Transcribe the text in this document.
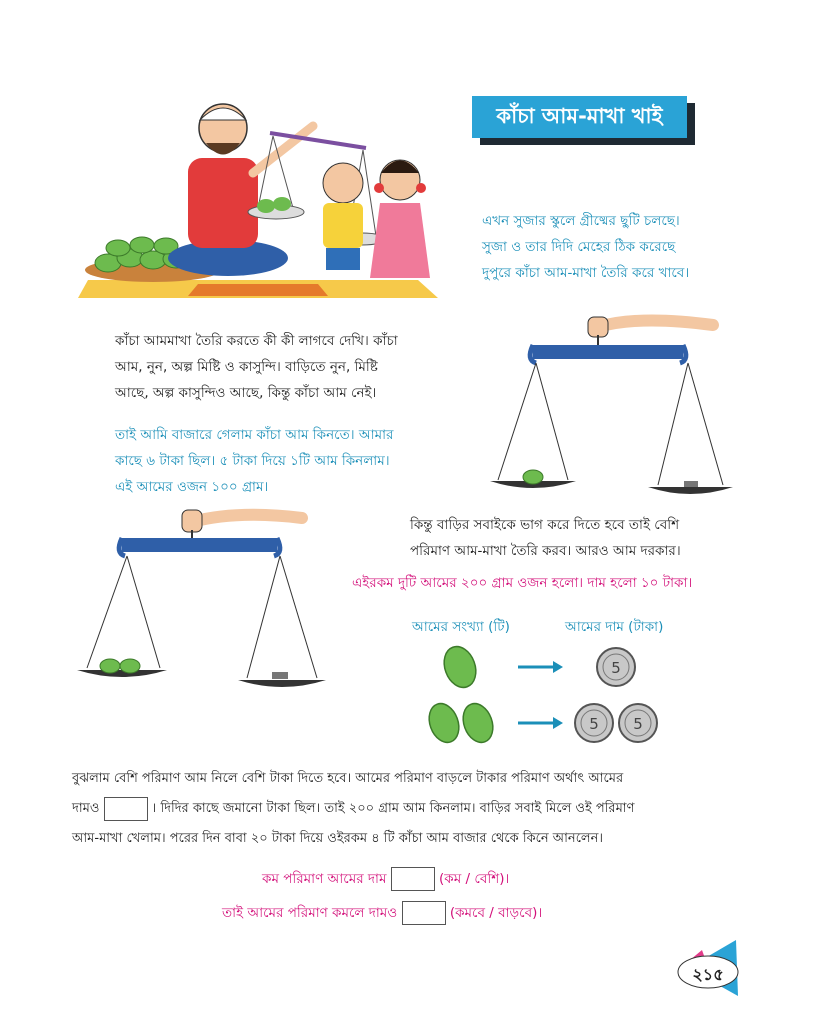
কাঁচা আম-মাখা খাই
এখন সুজার স্কুলে গ্রীষ্মের ছুটি চলছে।
সুজা ও তার দিদি মেহের ঠিক করেছে
দুপুরে কাঁচা আম-মাখা তৈরি করে খাবে।
কাঁচা আমমাখা তৈরি করতে কী কী লাগবে দেখি। কাঁচা
আম, নুন, অল্প মিষ্টি ও কাসুন্দি। বাড়িতে নুন, মিষ্টি
আছে, অল্প কাসুন্দিও আছে, কিন্তু কাঁচা আম নেই।
তাই আমি বাজারে গেলাম কাঁচা আম কিনতে। আমার
কাছে ৬ টাকা ছিল। ৫ টাকা দিয়ে ১টি আম কিনলাম।
এই আমের ওজন ১০০ গ্রাম।
কিন্তু বাড়ির সবাইকে ভাগ করে দিতে হবে তাই বেশি
পরিমাণ আম-মাখা তৈরি করব। আরও আম দরকার।
এইরকম দুটি আমের ২০০ গ্রাম ওজন হলো। দাম হলো ১০ টাকা।
আমের সংখ্যা (টি)	আমের দাম (টাকা)
5
5 5
বুঝলাম বেশি পরিমাণ আম নিলে বেশি টাকা দিতে হবে। আমের পরিমাণ বাড়লে টাকার পরিমাণ অর্থাৎ আমের
দামও	। দিদির কাছে জমানো টাকা ছিল। তাই ২০০ গ্রাম আম কিনলাম। বাড়ির সবাই মিলে ওই পরিমাণ
আম-মাখা খেলাম। পরের দিন বাবা ২০ টাকা দিয়ে ওইরকম ৪ টি কাঁচা আম বাজার থেকে কিনে আনলেন।
কম পরিমাণ আমের দাম	(কম / বেশি)।
তাই আমের পরিমাণ কমলে দামও	(কমবে / বাড়বে)।
২১৫
